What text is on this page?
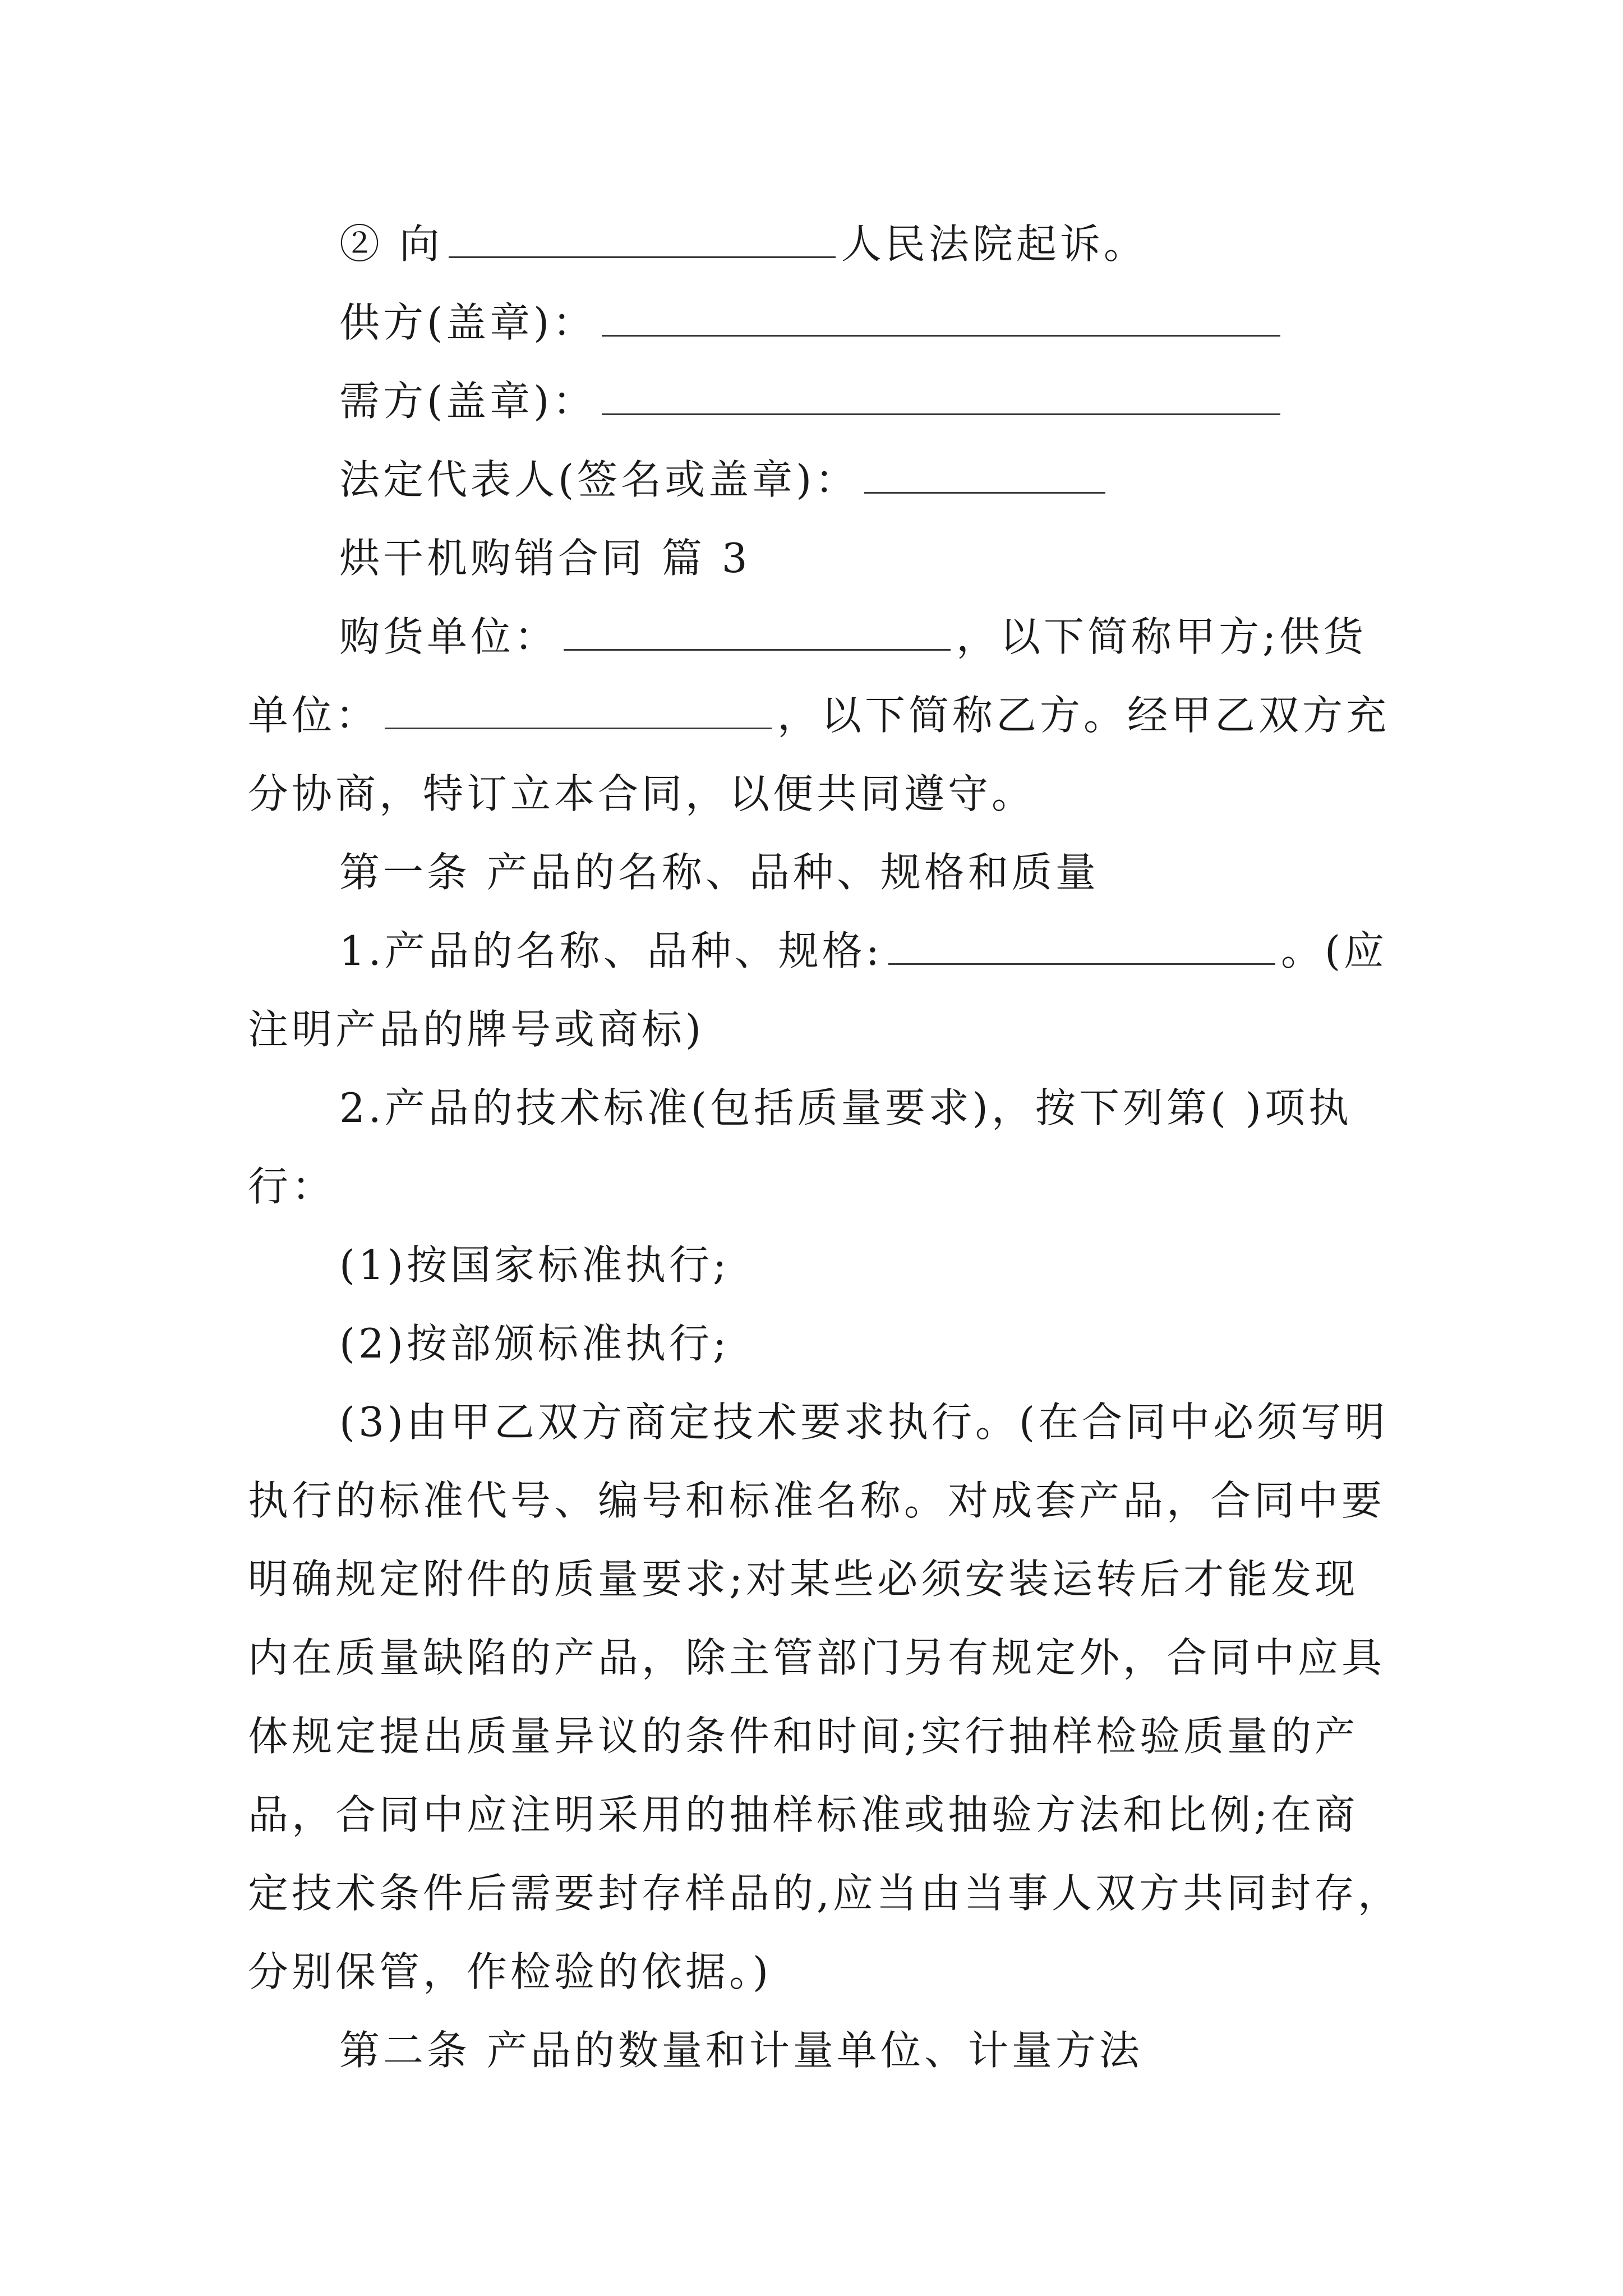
② 向	人民法院起诉。
供方(盖章)：
需方(盖章)：
法定代表人(签名或盖章)：
烘干机购销合同 篇 3
购货单位：	，以下简称甲方;供货
单位：	，以下简称乙方。经甲乙双方充
分协商，特订立本合同，以便共同遵守。
第一条 产品的名称、品种、规格和质量
1.产品的名称、品种、规格:	。(应
注明产品的牌号或商标)
2.产品的技术标准(包括质量要求)，按下列第( )项执
行：
(1)按国家标准执行;
(2)按部颁标准执行;
(3)由甲乙双方商定技术要求执行。(在合同中必须写明
执行的标准代号、编号和标准名称。对成套产品，合同中要
明确规定附件的质量要求;对某些必须安装运转后才能发现
内在质量缺陷的产品，除主管部门另有规定外，合同中应具
体规定提出质量异议的条件和时间;实行抽样检验质量的产
品，合同中应注明采用的抽样标准或抽验方法和比例;在商
定技术条件后需要封存样品的,应当由当事人双方共同封存，
分别保管，作检验的依据。)
第二条 产品的数量和计量单位、计量方法
